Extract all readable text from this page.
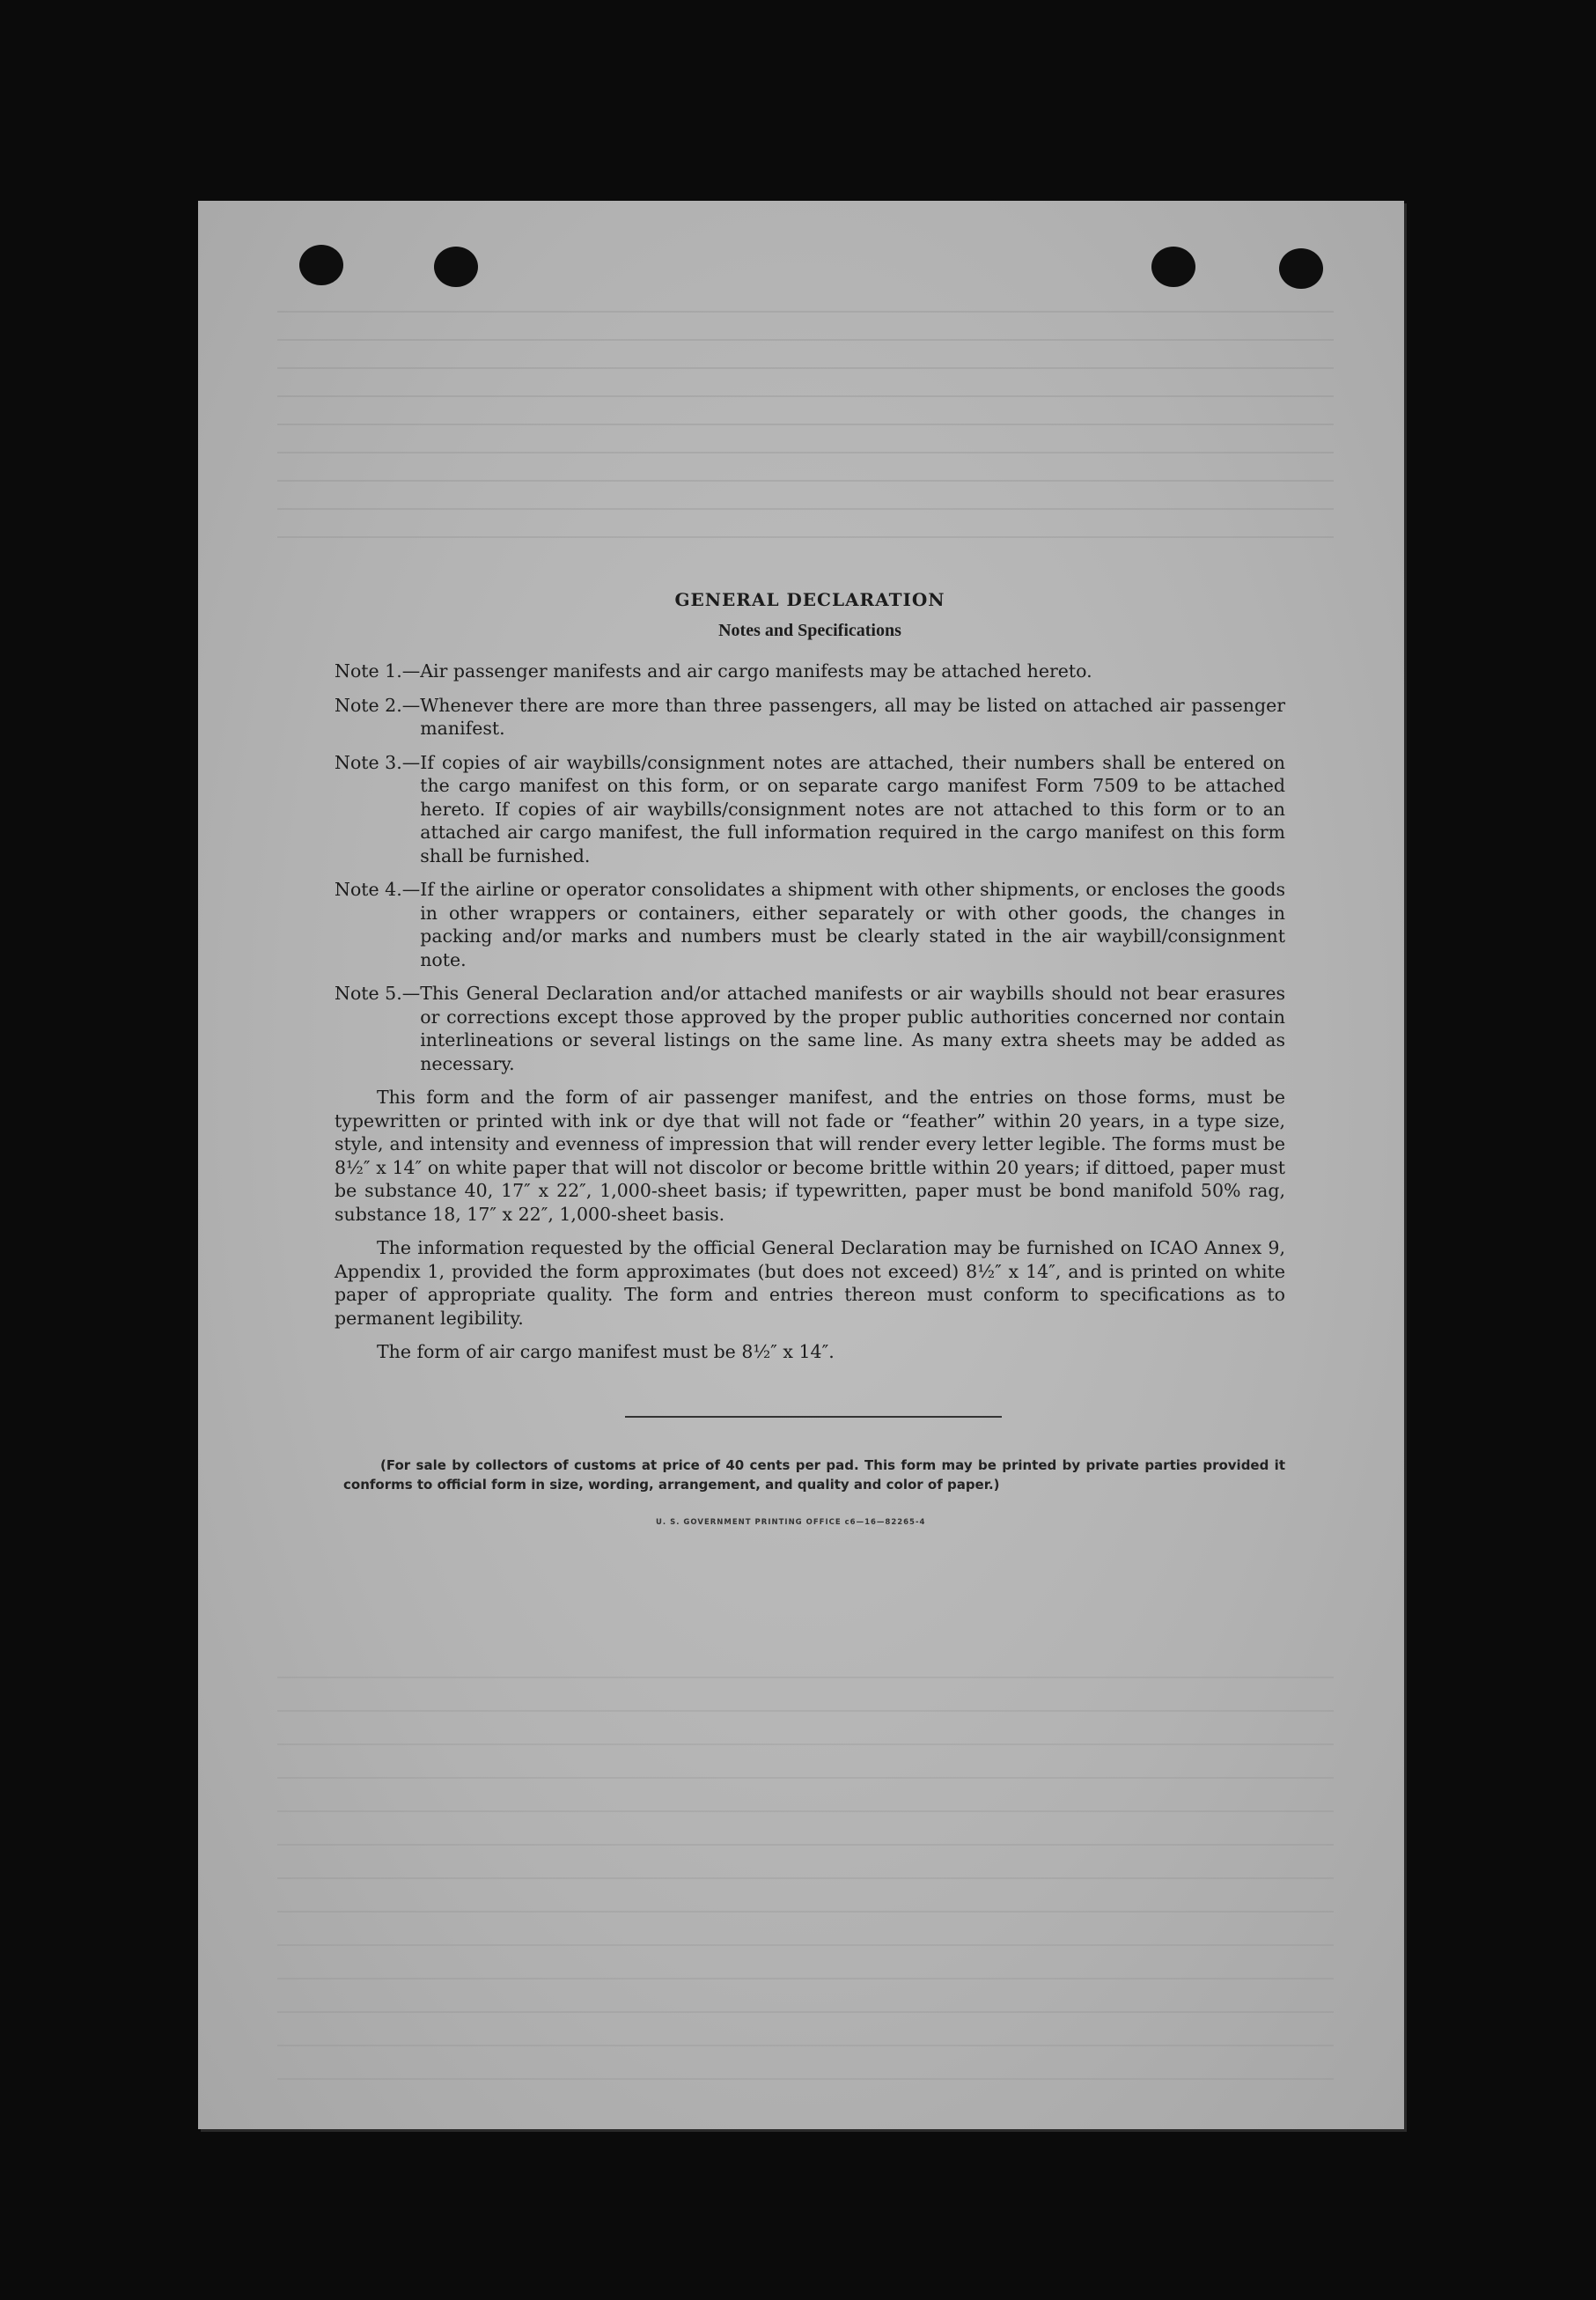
GENERAL DECLARATION
Notes and Specifications
Note 1.— Air passenger manifests and air cargo manifests may be attached hereto.
Note 2.— Whenever there are more than three passengers, all may be listed on attached air passenger manifest.
Note 3.— If copies of air waybills/consignment notes are attached, their numbers shall be entered on the cargo manifest on this form, or on separate cargo manifest Form 7509 to be attached hereto. If copies of air waybills/consignment notes are not attached to this form or to an attached air cargo manifest, the full information required in the cargo manifest on this form shall be furnished.
Note 4.— If the airline or operator consolidates a shipment with other shipments, or encloses the goods in other wrappers or containers, either separately or with other goods, the changes in packing and/or marks and numbers must be clearly stated in the air waybill/consignment note.
Note 5.— This General Declaration and/or attached manifests or air waybills should not bear erasures or corrections except those approved by the proper public authorities concerned nor contain interlineations or several listings on the same line. As many extra sheets may be added as necessary.

This form and the form of air passenger manifest, and the entries on those forms, must be typewritten or printed with ink or dye that will not fade or “feather” within 20 years, in a type size, style, and intensity and evenness of impression that will render every letter legible. The forms must be 8½″ x 14″ on white paper that will not discolor or become brittle within 20 years; if dittoed, paper must be substance 40, 17″ x 22″, 1,000-sheet basis; if typewritten, paper must be bond manifold 50% rag, substance 18, 17″ x 22″, 1,000-sheet basis.

The information requested by the official General Declaration may be furnished on ICAO Annex 9, Appendix 1, provided the form approximates (but does not exceed) 8½″ x 14″, and is printed on white paper of appropriate quality. The form and entries thereon must conform to specifications as to permanent legibility.

The form of air cargo manifest must be 8½″ x 14″.

(For sale by collectors of customs at price of 40 cents per pad. This form may be printed by private parties provided it conforms to official form in size, wording, arrangement, and quality and color of paper.)
U. S. GOVERNMENT PRINTING OFFICE c6—16—82265-4
